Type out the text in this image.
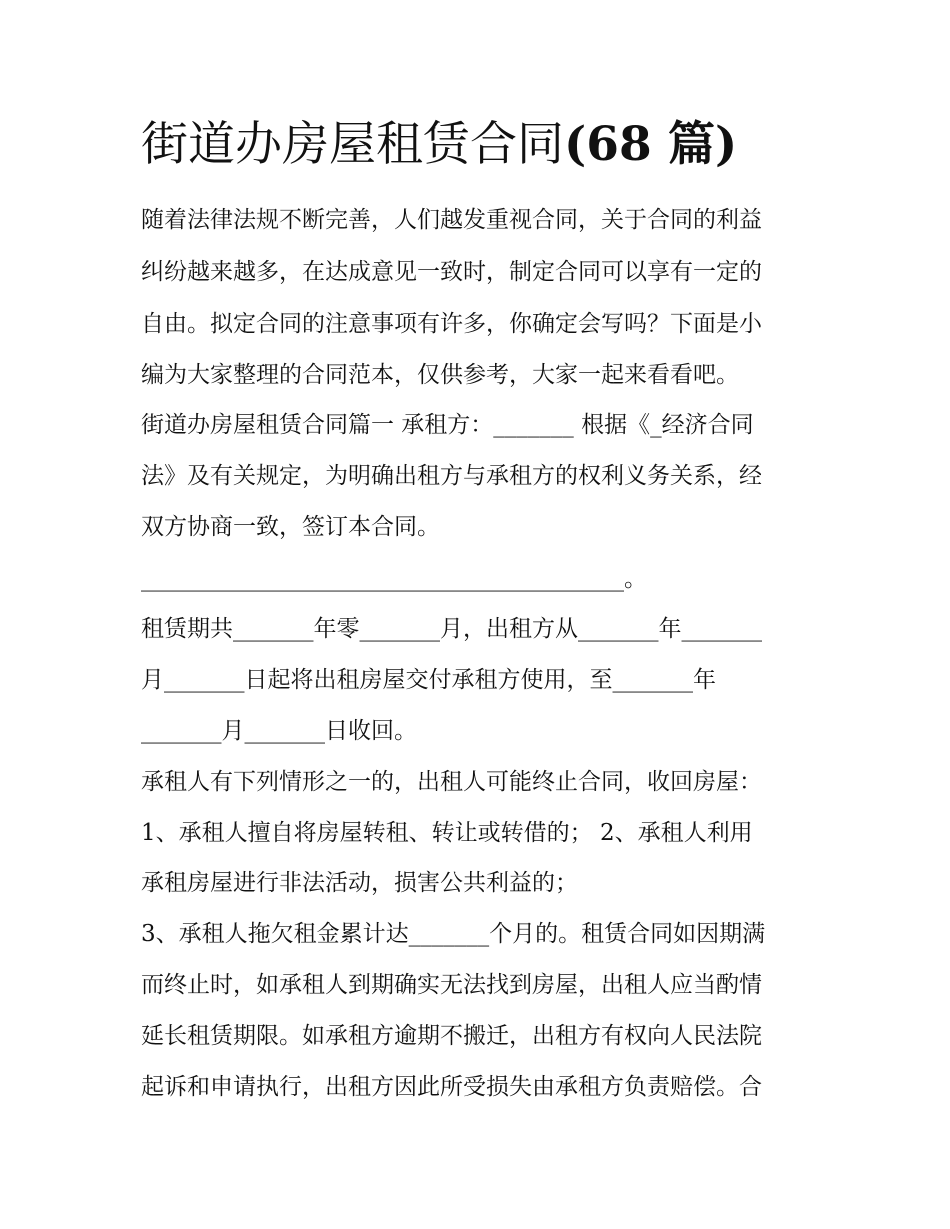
街道办房屋租赁合同(68 篇)

随着法律法规不断完善，人们越发重视合同，关于合同的利益

纠纷越来越多，在达成意见一致时，制定合同可以享有一定的

自由。拟定合同的注意事项有许多，你确定会写吗？下面是小

编为大家整理的合同范本，仅供参考，大家一起来看看吧。

街道办房屋租赁合同篇一 承租方：_______ 根据《_经济合同

法》及有关规定，为明确出租方与承租方的权利义务关系，经

双方协商一致，签订本合同。

__________________________________________。

租赁期共_______年零_______月，出租方从_______年_______

月_______日起将出租房屋交付承租方使用，至_______年

_______月_______日收回。

承租人有下列情形之一的，出租人可能终止合同，收回房屋：

1、承租人擅自将房屋转租、转让或转借的； 2、承租人利用

承租房屋进行非法活动，损害公共利益的；

3、承租人拖欠租金累计达_______个月的。租赁合同如因期满

而终止时，如承租人到期确实无法找到房屋，出租人应当酌情

延长租赁期限。如承租方逾期不搬迁，出租方有权向人民法院

起诉和申请执行，出租方因此所受损失由承租方负责赔偿。合
